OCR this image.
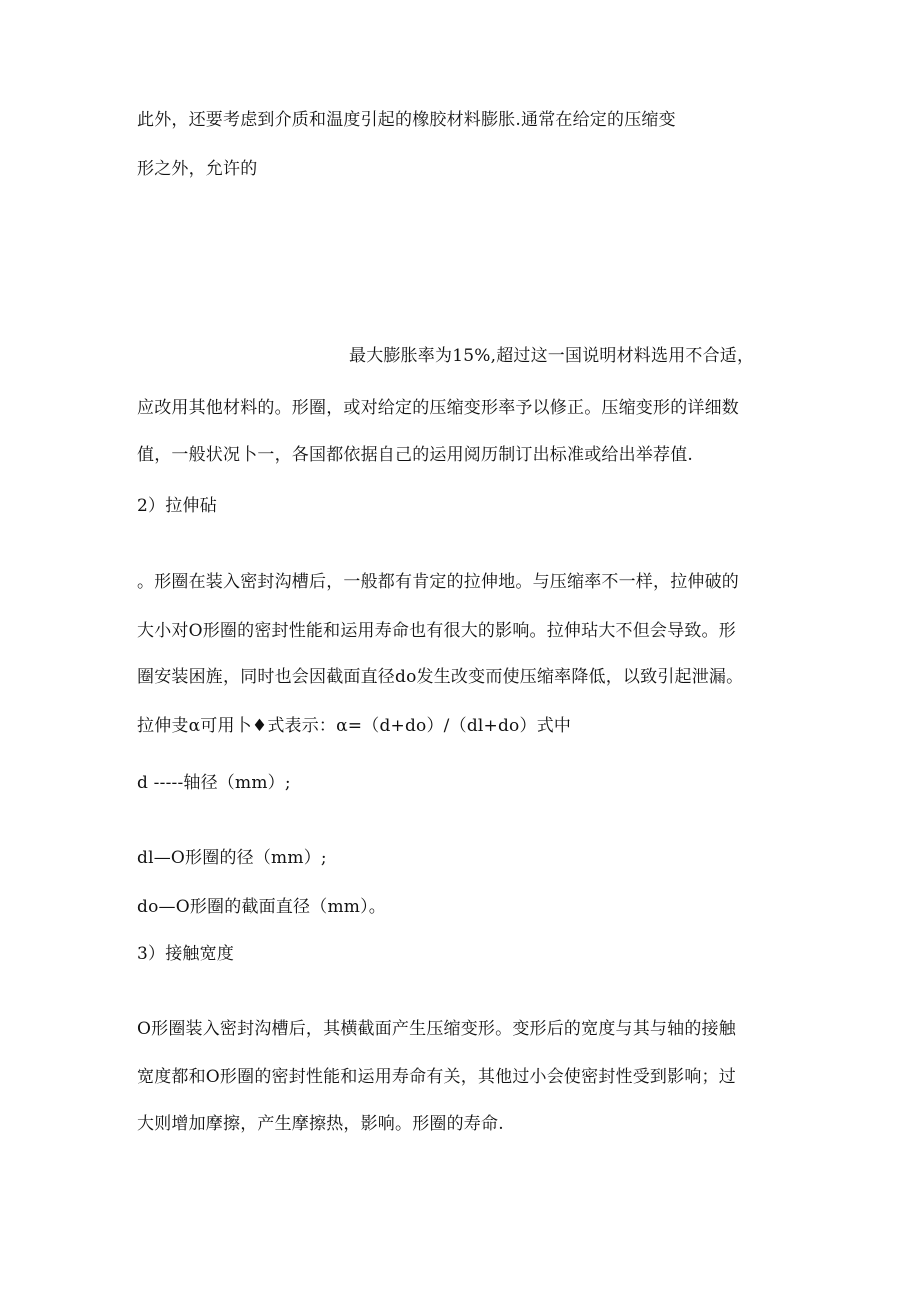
此外，还要考虑到介质和温度引起的橡胶材料膨胀.通常在给定的压缩变
形之外，允许的
最大膨胀率为15%,超过这一国说明材料选用不合适，
应改用其他材料的。形圈，或对给定的压缩变形率予以修正。压缩变形的详细数
值，一般状况卜一，各国都依据自己的运用阅历制订出标准或给出举荐值.
2）拉伸砧
。形圈在装入密封沟槽后，一般都有肯定的拉伸地。与压缩率不一样，拉伸破的
大小对O形圈的密封性能和运用寿命也有很大的影响。拉伸玷大不但会导致。形
圈安装困旌，同时也会因截面直径do发生改变而使压缩率降低，以致引起泄漏。
拉伸叏α可用卜♦式表示：α=（d+do）/（dl+do）式中
d -----轴径（mm）;
dl—O形圈的径（mm）;
do—O形圈的截面直径（mm）。
3）接触宽度
O形圈装入密封沟槽后，其横截面产生压缩变形。变形后的宽度与其与轴的接触
宽度都和O形圈的密封性能和运用寿命有关，其他过小会使密封性受到影响；过
大则增加摩擦，产生摩擦热，影响。形圈的寿命.
